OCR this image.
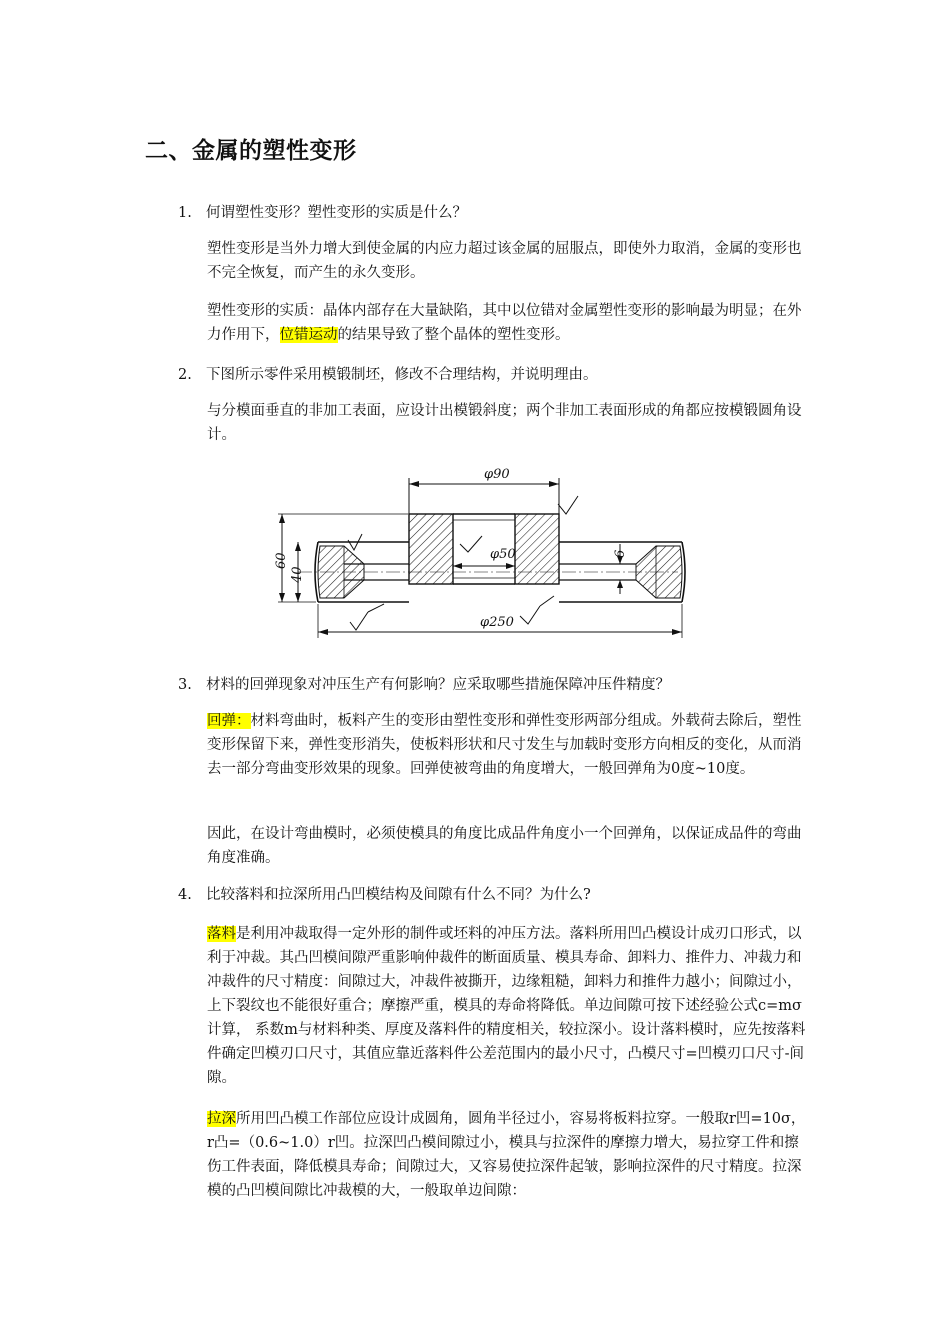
二、金属的塑性变形
1. 何谓塑性变形？塑性变形的实质是什么？

塑性变形是当外力增大到使金属的内应力超过该金属的屈服点，即使外力取消，金属的变形也不完全恢复，而产生的永久变形。

塑性变形的实质：晶体内部存在大量缺陷，其中以位错对金属塑性变形的影响最为明显；在外力作用下，位错运动的结果导致了整个晶体的塑性变形。

2. 下图所示零件采用模锻制坯，修改不合理结构，并说明理由。

与分模面垂直的非加工表面，应设计出模锻斜度；两个非加工表面形成的角都应按模锻圆角设计。

φ90
φ50
60
40
6
φ250
3. 材料的回弹现象对冲压生产有何影响？应采取哪些措施保障冲压件精度？

回弹：材料弯曲时，板料产生的变形由塑性变形和弹性变形两部分组成。外载荷去除后，塑性变形保留下来，弹性变形消失，使板料形状和尺寸发生与加载时变形方向相反的变化，从而消去一部分弯曲变形效果的现象。回弹使被弯曲的角度增大，一般回弹角为0度~10度。

因此，在设计弯曲模时，必须使模具的角度比成品件角度小一个回弹角，以保证成品件的弯曲角度准确。

4. 比较落料和拉深所用凸凹模结构及间隙有什么不同？为什么?

落料是利用冲裁取得一定外形的制件或坯料的冲压方法。落料所用凹凸模设计成刃口形式，以利于冲裁。其凸凹模间隙严重影响仲裁件的断面质量、模具寿命、卸料力、推件力、冲裁力和冲裁件的尺寸精度：间隙过大，冲裁件被撕开，边缘粗糙，卸料力和推件力越小；间隙过小，上下裂纹也不能很好重合；摩擦严重，模具的寿命将降低。单边间隙可按下述经验公式c=mσ计算， 系数m与材料种类、厚度及落料件的精度相关，较拉深小。设计落料模时，应先按落料件确定凹模刃口尺寸，其值应靠近落料件公差范围内的最小尺寸，凸模尺寸=凹模刃口尺寸-间隙。

拉深所用凹凸模工作部位应设计成圆角，圆角半径过小，容易将板料拉穿。一般取r凹=10σ，r凸=（0.6~1.0）r凹。拉深凹凸模间隙过小，模具与拉深件的摩擦力增大，易拉穿工件和擦伤工件表面，降低模具寿命；间隙过大，又容易使拉深件起皱，影响拉深件的尺寸精度。拉深模的凸凹模间隙比冲裁模的大，一般取单边间隙：
